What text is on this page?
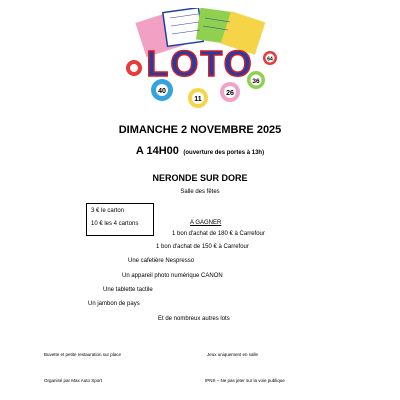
40
11
26
36
64
LOTO
DIMANCHE 2 NOVEMBRE 2025
A 14H00 (ouverture des portes à 13h)
NERONDE SUR DORE
Salle des fêtes
3 € le carton
10 € les 4 cartons	A GAGNER
1 bon d'achat de 180 € à Carrefour
1 bon d'achat de 150 € à Carrefour
Une cafetière Nespresso
Un appareil photo numérique CANON
Une tablette tactile
Un jambon de pays
Et de nombreux autres lots
Buvette et petite restauration sur place	Jeux uniquement en salle
Organisé par Max Auto Sport	IPNS – Ne pas jeter sur la voie publique
